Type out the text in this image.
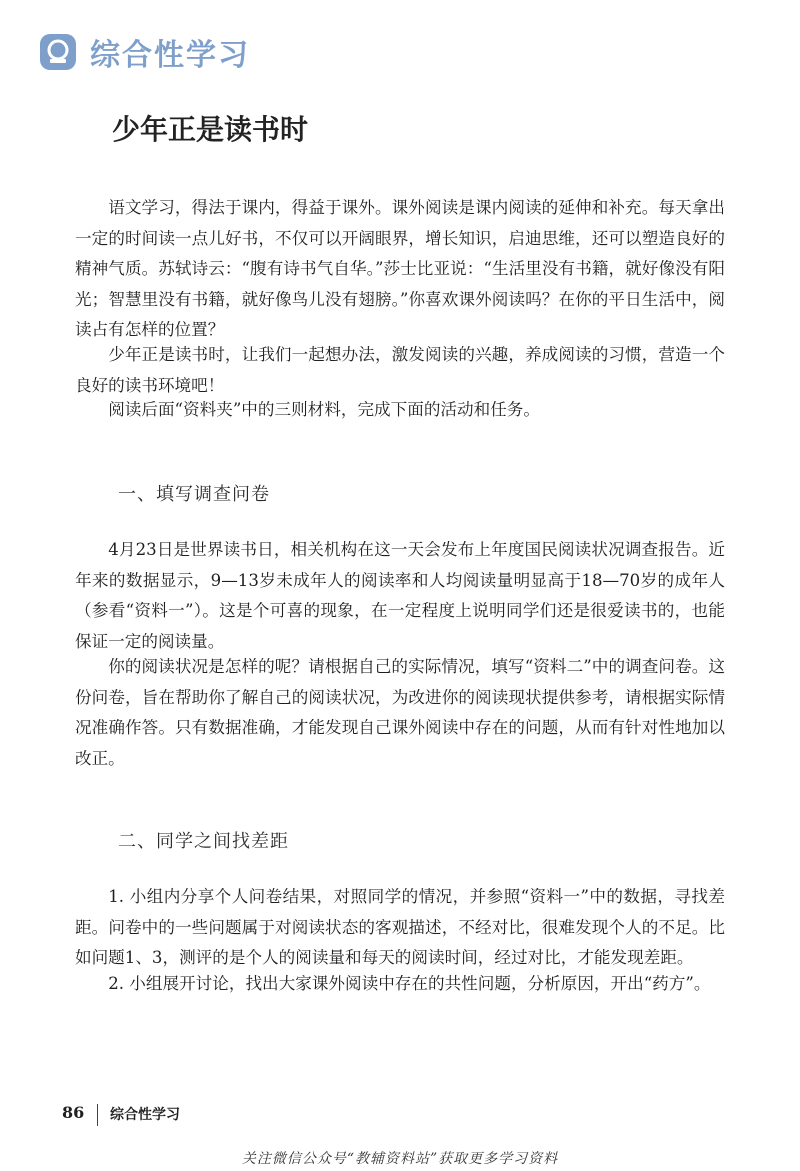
综合性学习
少年正是读书时

语文学习，得法于课内，得益于课外。课外阅读是课内阅读的延伸和补充。每天拿出一定的时间读一点儿好书，不仅可以开阔眼界，增长知识，启迪思维，还可以塑造良好的精神气质。苏轼诗云：“腹有诗书气自华。”莎士比亚说：“生活里没有书籍，就好像没有阳光；智慧里没有书籍，就好像鸟儿没有翅膀。”你喜欢课外阅读吗？在你的平日生活中，阅读占有怎样的位置？

少年正是读书时，让我们一起想办法，激发阅读的兴趣，养成阅读的习惯，营造一个良好的读书环境吧！

阅读后面“资料夹”中的三则材料，完成下面的活动和任务。

一、填写调查问卷

4月23日是世界读书日，相关机构在这一天会发布上年度国民阅读状况调查报告。近年来的数据显示，9—13岁未成年人的阅读率和人均阅读量明显高于18—70岁的成年人（参看“资料一”）。这是个可喜的现象，在一定程度上说明同学们还是很爱读书的，也能保证一定的阅读量。

你的阅读状况是怎样的呢？请根据自己的实际情况，填写“资料二”中的调查问卷。这份问卷，旨在帮助你了解自己的阅读状况，为改进你的阅读现状提供参考，请根据实际情况准确作答。只有数据准确，才能发现自己课外阅读中存在的问题，从而有针对性地加以改正。

二、同学之间找差距

1. 小组内分享个人问卷结果，对照同学的情况，并参照“资料一”中的数据，寻找差距。问卷中的一些问题属于对阅读状态的客观描述，不经对比，很难发现个人的不足。比如问题1、3，测评的是个人的阅读量和每天的阅读时间，经过对比，才能发现差距。

2. 小组展开讨论，找出大家课外阅读中存在的共性问题，分析原因，开出“药方”。

86 综合性学习
关注微信公众号“教辅资料站”获取更多学习资料
